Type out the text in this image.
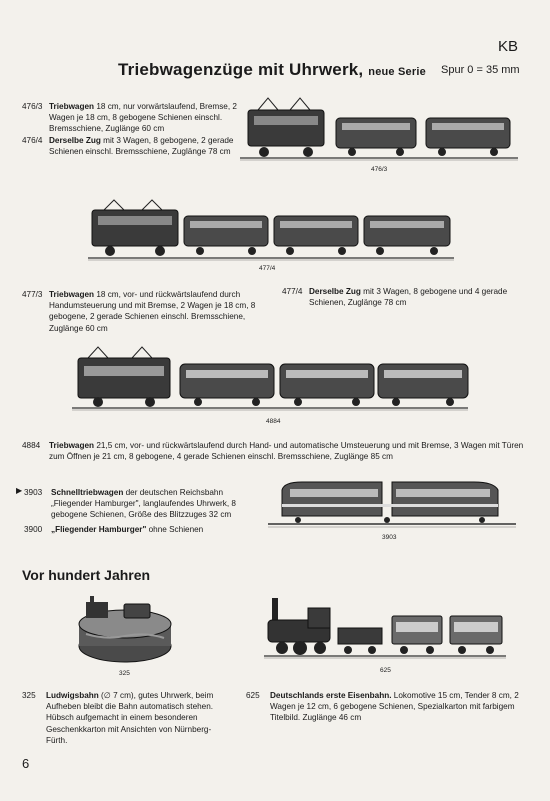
KB
Triebwagenzüge mit Uhrwerk, neue Serie Spur 0 = 35 mm
476/3 Triebwagen 18 cm, nur vorwärtslaufend, Bremse, 2 Wagen je 18 cm, 8 gebogene Schienen einschl. Bremsschiene, Zuglänge 60 cm
476/4 Derselbe Zug mit 3 Wagen, 8 gebogene, 2 gerade Schienen einschl. Bremsschiene, Zuglänge 78 cm
476/3
477/4
477/3 Triebwagen 18 cm, vor- und rückwärtslaufend durch Handumsteuerung und mit Bremse, 2 Wagen je 18 cm, 8 gebogene, 2 gerade Schienen einschl. Bremsschiene, Zuglänge 60 cm
477/4 Derselbe Zug mit 3 Wagen, 8 gebogene und 4 gerade Schienen, Zuglänge 78 cm
4884
4884 Triebwagen 21,5 cm, vor- und rückwärtslaufend durch Hand- und automatische Umsteuerung und mit Bremse, 3 Wagen mit Türen zum Öffnen je 21 cm, 8 gebogene, 4 gerade Schienen einschl. Bremsschiene, Zuglänge 85 cm
▶ 3903 Schnelltriebwagen der deutschen Reichsbahn „Fliegender Hamburger", langlaufendes Uhrwerk, 8 gebogene Schienen, Größe des Blitzzuges 32 cm
3900 „Fliegender Hamburger" ohne Schienen
3903
Vor hundert Jahren
325	625
325 Ludwigsbahn (∅ 7 cm), gutes Uhrwerk, beim Aufheben bleibt die Bahn automatisch stehen. Hübsch aufgemacht in einem besonderen Geschenkkarton mit Ansichten von Nürnberg-Fürth.
625 Deutschlands erste Eisenbahn. Lokomotive 15 cm, Tender 8 cm, 2 Wagen je 12 cm, 6 gebogene Schienen, Spezialkarton mit farbigem Titelbild. Zuglänge 46 cm
6
